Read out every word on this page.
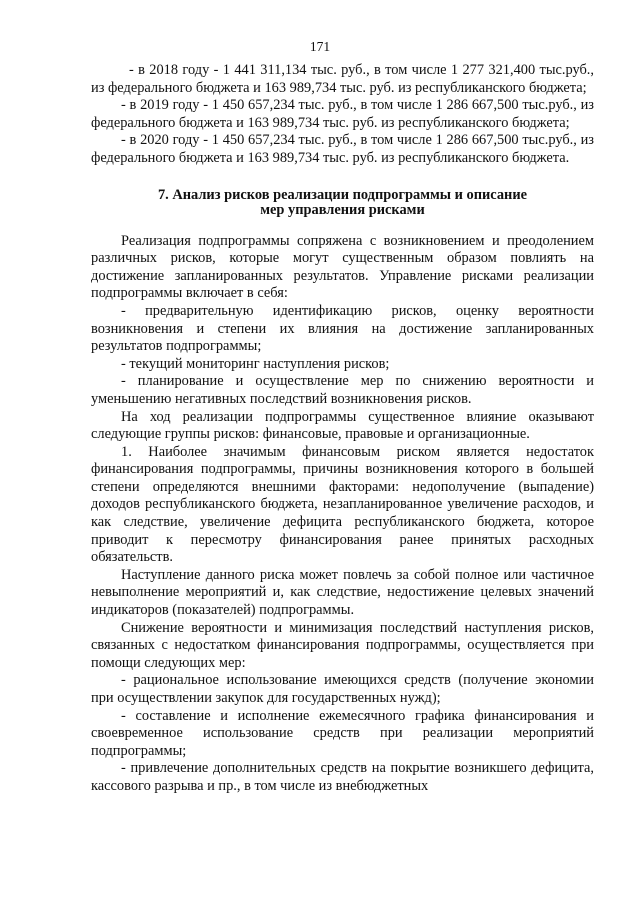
171

- в 2018 году - 1 441 311,134 тыс. руб., в том числе 1 277 321,400 тыс.руб., из федерального бюджета и 163 989,734 тыс. руб. из республиканского бюджета;

- в 2019 году - 1 450 657,234 тыс. руб., в том числе 1 286 667,500 тыс.руб., из федерального бюджета и 163 989,734 тыс. руб. из республиканского бюджета;

- в 2020 году - 1 450 657,234 тыс. руб., в том числе 1 286 667,500 тыс.руб., из федерального бюджета и 163 989,734 тыс. руб. из республиканского бюджета.

7. Анализ рисков реализации подпрограммы и описание
мер управления рисками

Реализация подпрограммы сопряжена с возникновением и преодолением различных рисков, которые могут существенным образом повлиять на достижение запланированных результатов. Управление рисками реализации подпрограммы включает в себя:

- предварительную идентификацию рисков, оценку вероятности возникновения и степени их влияния на достижение запланированных результатов подпрограммы;

- текущий мониторинг наступления рисков;

- планирование и осуществление мер по снижению вероятности и уменьшению негативных последствий возникновения рисков.

На ход реализации подпрограммы существенное влияние оказывают следующие группы рисков: финансовые, правовые и организационные.

1. Наиболее значимым финансовым риском является недостаток финансирования подпрограммы, причины возникновения которого в большей степени определяются внешними факторами: недополучение (выпадение) доходов республиканского бюджета, незапланированное увеличение расходов, и как следствие, увеличение дефицита республиканского бюджета, которое приводит к пересмотру финансирования ранее принятых расходных обязательств.

Наступление данного риска может повлечь за собой полное или частичное невыполнение мероприятий и, как следствие, недостижение целевых значений индикаторов (показателей) подпрограммы.

Снижение вероятности и минимизация последствий наступления рисков, связанных с недостатком финансирования подпрограммы, осуществляется при помощи следующих мер:

- рациональное использование имеющихся средств (получение экономии при осуществлении закупок для государственных нужд);

- составление и исполнение ежемесячного графика финансирования и своевременное использование средств при реализации мероприятий подпрограммы;

- привлечение дополнительных средств на покрытие возникшего дефицита, кассового разрыва и пр., в том числе из внебюджетных
